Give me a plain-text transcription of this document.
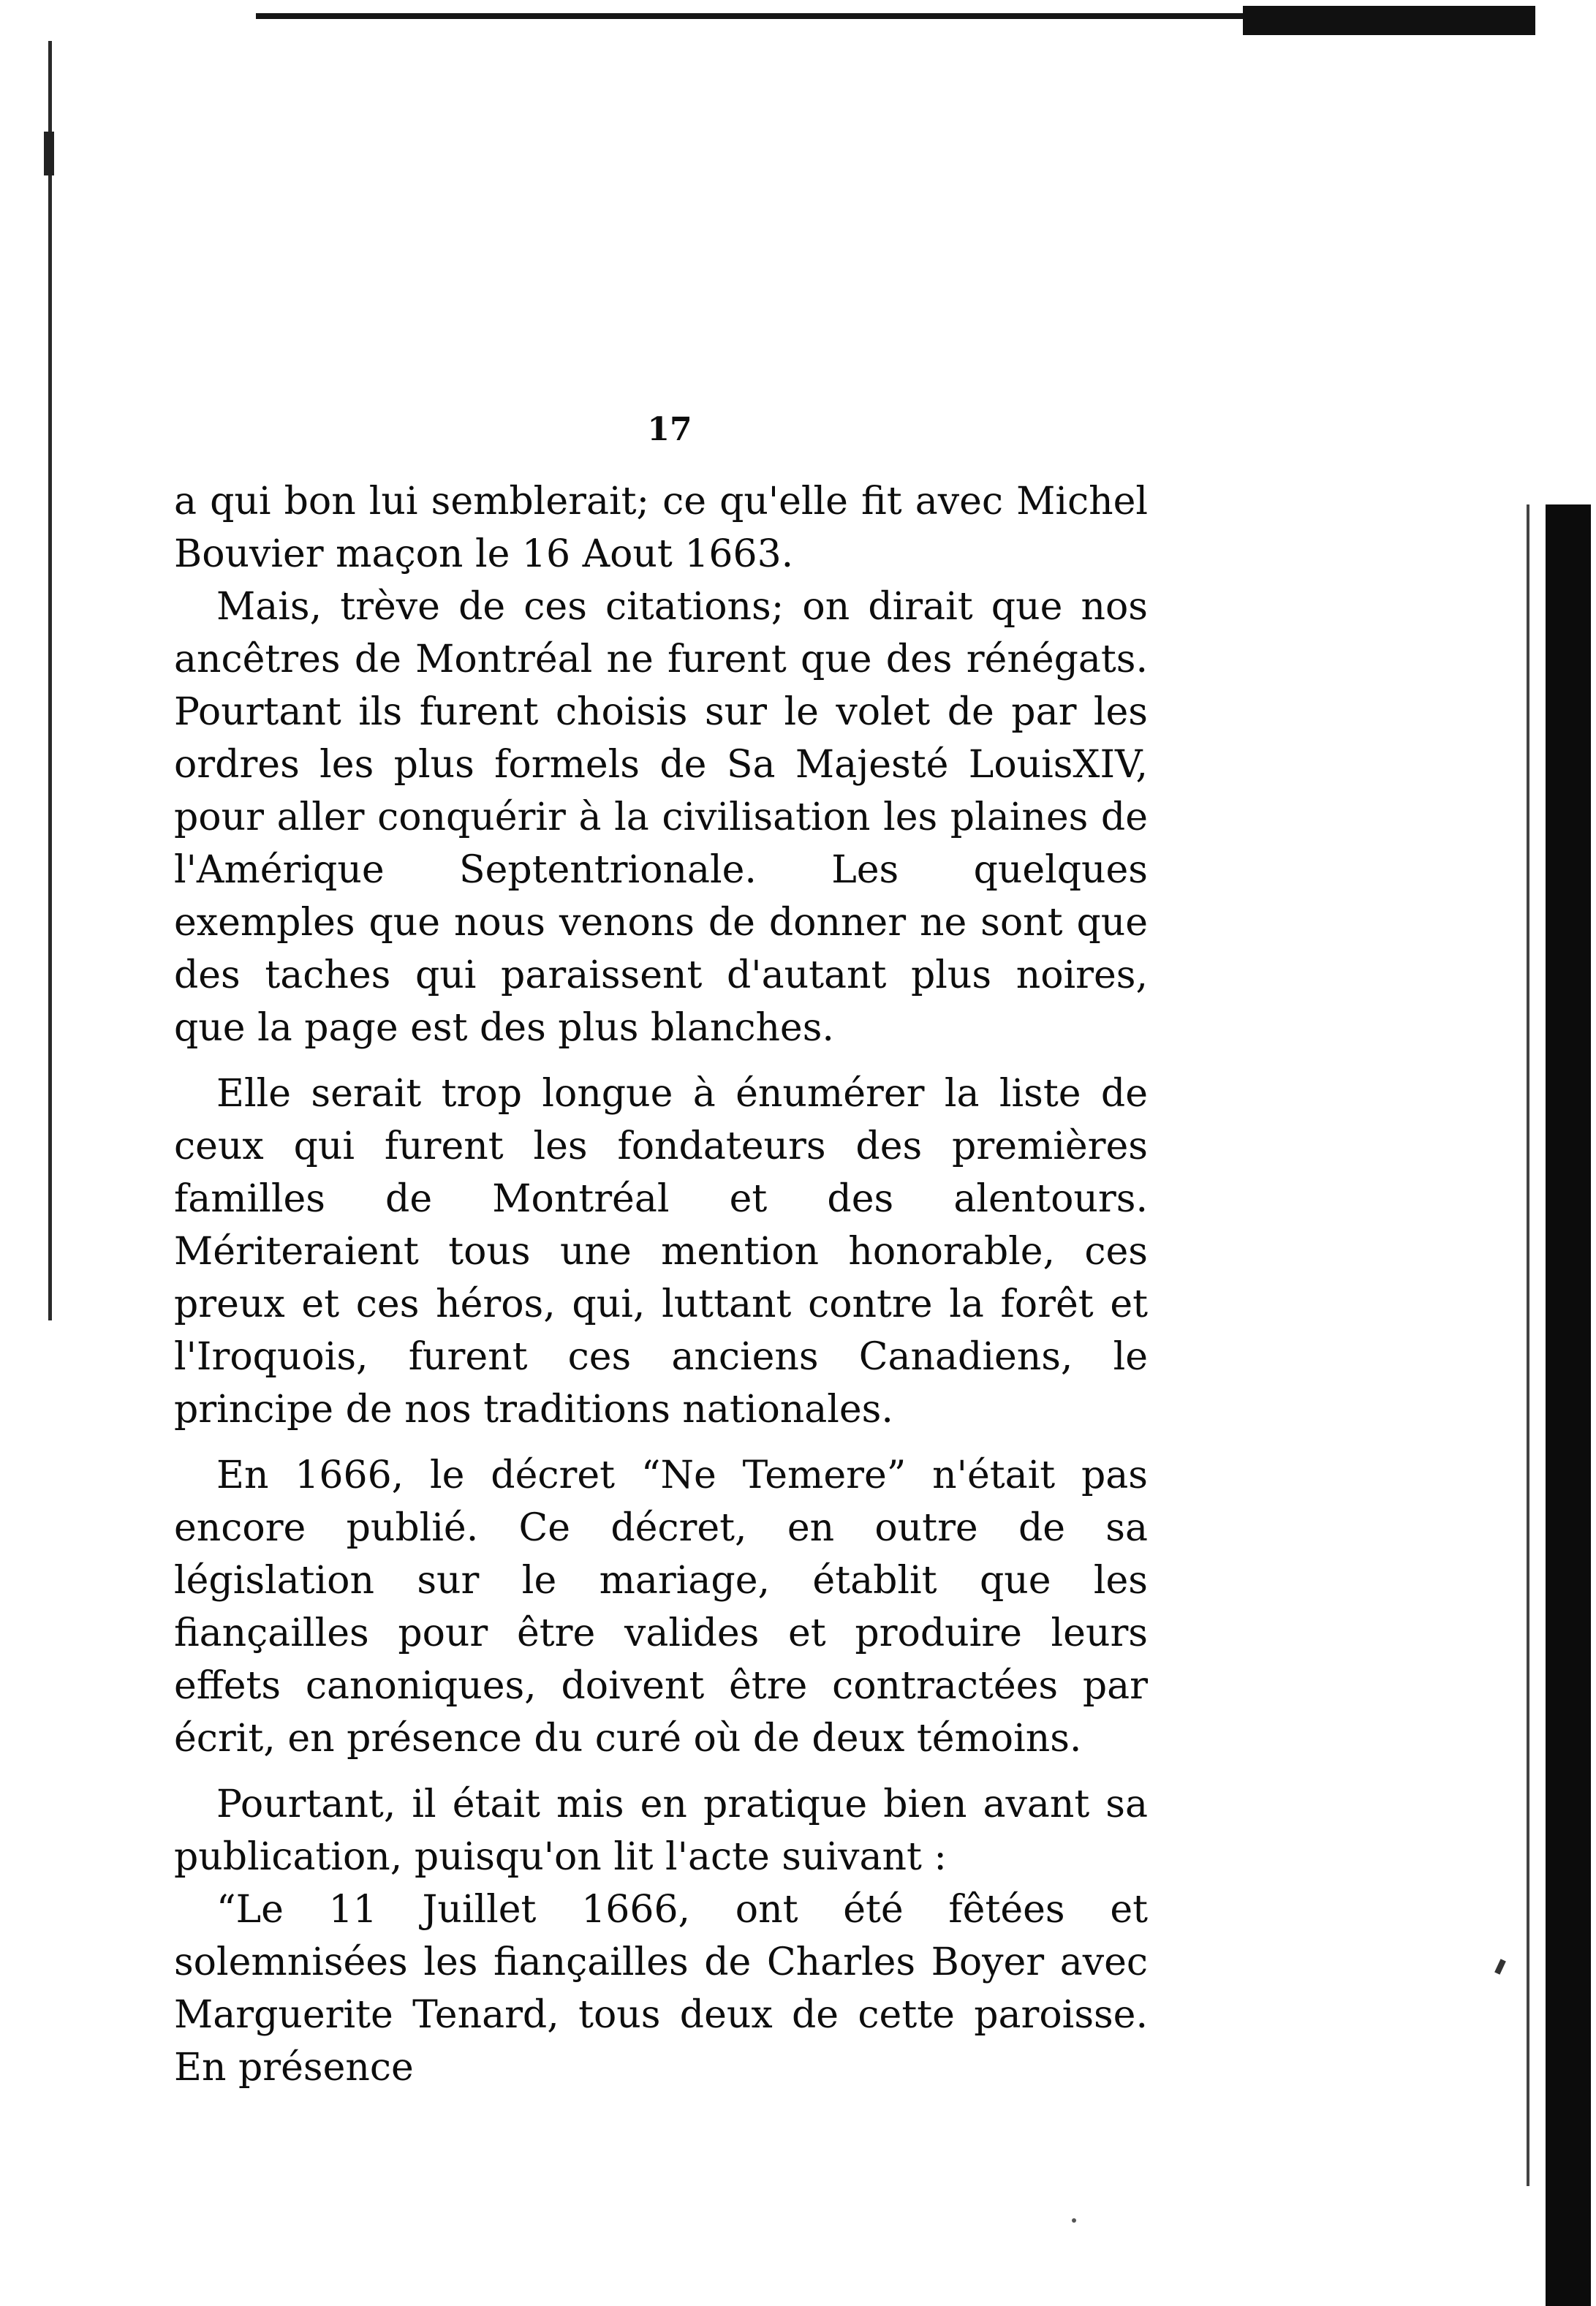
17

a qui bon lui semblerait; ce qu'elle fit avec Michel Bouvier maçon le 16 Aout 1663.

Mais, trève de ces citations; on dirait que nos ancêtres de Montréal ne furent que des rénégats. Pourtant ils furent choisis sur le volet de par les ordres les plus formels de Sa Majesté LouisXIV, pour aller conquérir à la civilisation les plaines de l'Amérique Septentrionale. Les quelques exemples que nous venons de donner ne sont que des taches qui paraissent d'autant plus noires, que la page est des plus blanches.

Elle serait trop longue à énumérer la liste de ceux qui furent les fondateurs des premières familles de Montréal et des alentours. Mériteraient tous une mention honorable, ces preux et ces héros, qui, luttant contre la forêt et l'Iroquois, furent ces anciens Canadiens, le principe de nos traditions nationales.

En 1666, le décret “Ne Temere” n'était pas encore publié. Ce décret, en outre de sa législation sur le mariage, établit que les fiançailles pour être valides et produire leurs effets canoniques, doivent être contractées par écrit, en présence du curé où de deux témoins.

Pourtant, il était mis en pratique bien avant sa publication, puisqu'on lit l'acte suivant :

“Le 11 Juillet 1666, ont été fêtées et solemnisées les fiançailles de Charles Boyer avec Marguerite Tenard, tous deux de cette paroisse. En présence
